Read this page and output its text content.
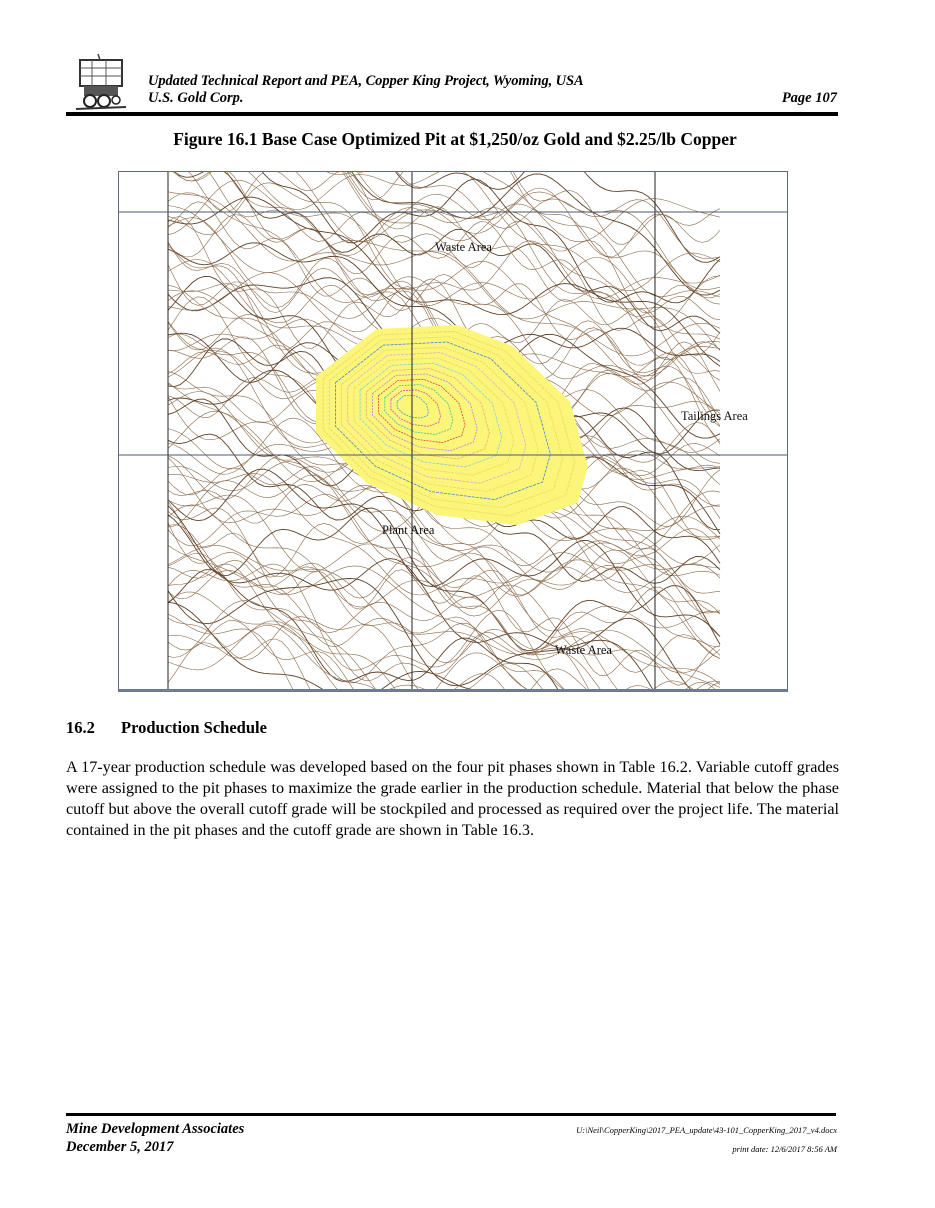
Updated Technical Report and PEA, Copper King Project, Wyoming, USA
U.S. Gold Corp.	Page 107
Figure 16.1 Base Case Optimized Pit at $1,250/oz Gold and $2.25/lb Copper
Waste Area
Tailings Area
Plant Area
Waste Area
16.2 Production Schedule
A 17-year production schedule was developed based on the four pit phases shown in Table 16.2. Variable cutoff grades were assigned to the pit phases to maximize the grade earlier in the production schedule. Material that below the phase cutoff but above the overall cutoff grade will be stockpiled and processed as required over the project life. The material contained in the pit phases and the cutoff grade are shown in Table 16.3.
Mine Development Associates
December 5, 2017
U:\Neil\CopperKing\2017_PEA_update\43-101_CopperKing_2017_v4.docx
print date: 12/6/2017 8:56 AM
